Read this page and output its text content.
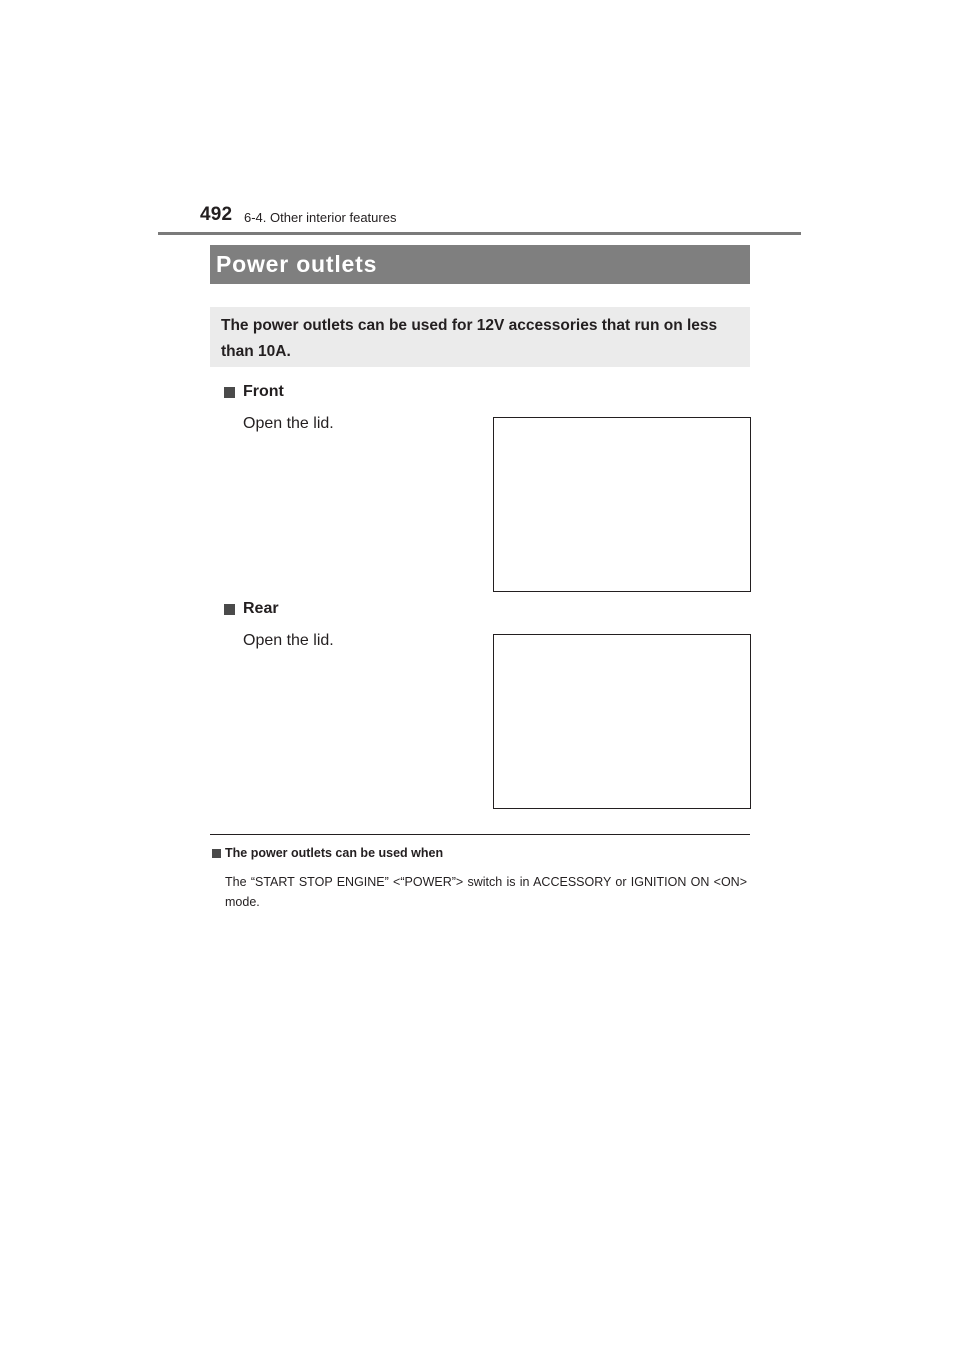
492 6-4. Other interior features
Power outlets
The power outlets can be used for 12V accessories that run on less than 10A.
Front
Open the lid.
Rear
Open the lid.
The power outlets can be used when
The “START STOP ENGINE” <“POWER”> switch is in ACCESSORY or IGNITION ON <ON> mode.
